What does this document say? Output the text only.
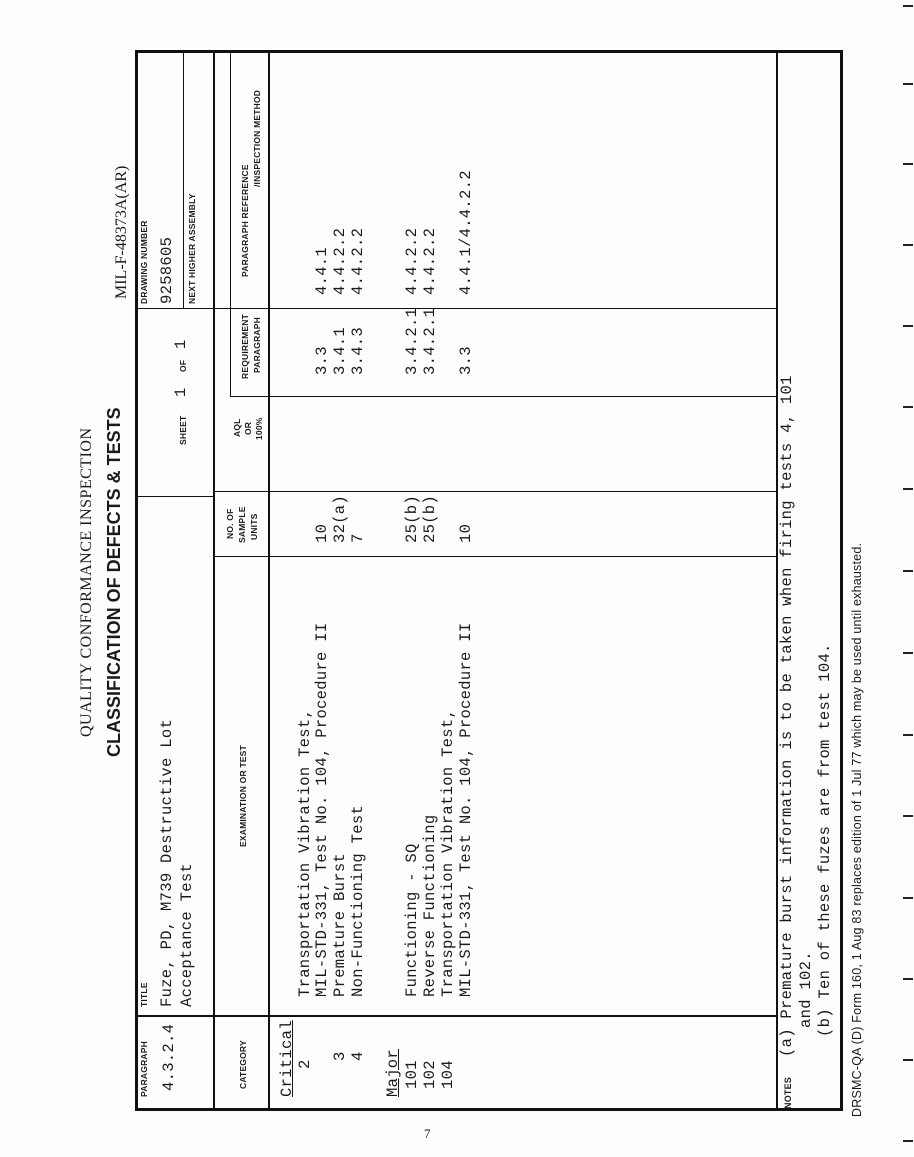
MIL-F-48373A(AR)
QUALITY CONFORMANCE INSPECTION CLASSIFICATION OF DEFECTS & TESTS
PARAGRAPH 4.3.2.4
TITLE Fuze, PD, M739 Destructive Lot Acceptance Test
SHEET
1
OF
1
DRAWING NUMBER 9258605 NEXT HIGHER ASSEMBLY
CATEGORY
EXAMINATION OR TEST
NO. OF SAMPLE UNITS
AQL OR 100%
REQUIREMENT PARAGRAPH
PARAGRAPH REFERENCE
/INSPECTION METHOD
Critical	Major
2
Transportation Vibration Test, MIL-STD-331, Test No. 104, Procedure II
10
3.3
4.4.1
3
Premature Burst
32(a)
3.4.1
4.4.2.2
4
Non-Functioning Test
7
3.4.3
4.4.2.2
101
Functioning - SQ
25(b)
3.4.2.1
4.4.2.2
102
Reverse Functioning
25(b)
3.4.2.1
4.4.2.2
104
Transportation Vibration Test, MIL-STD-331, Test No. 104, Procedure II
10
3.3
4.4.1/4.4.2.2
NOTES
(a) Premature burst information is to be taken when firing tests 4, 101 and 102. (b) Ten of these fuzes are from test 104. DRSMC-QA (D) Form 160, 1 Aug 83 replaces edition of 1 Jul 77 which may be used until exhausted.
7
